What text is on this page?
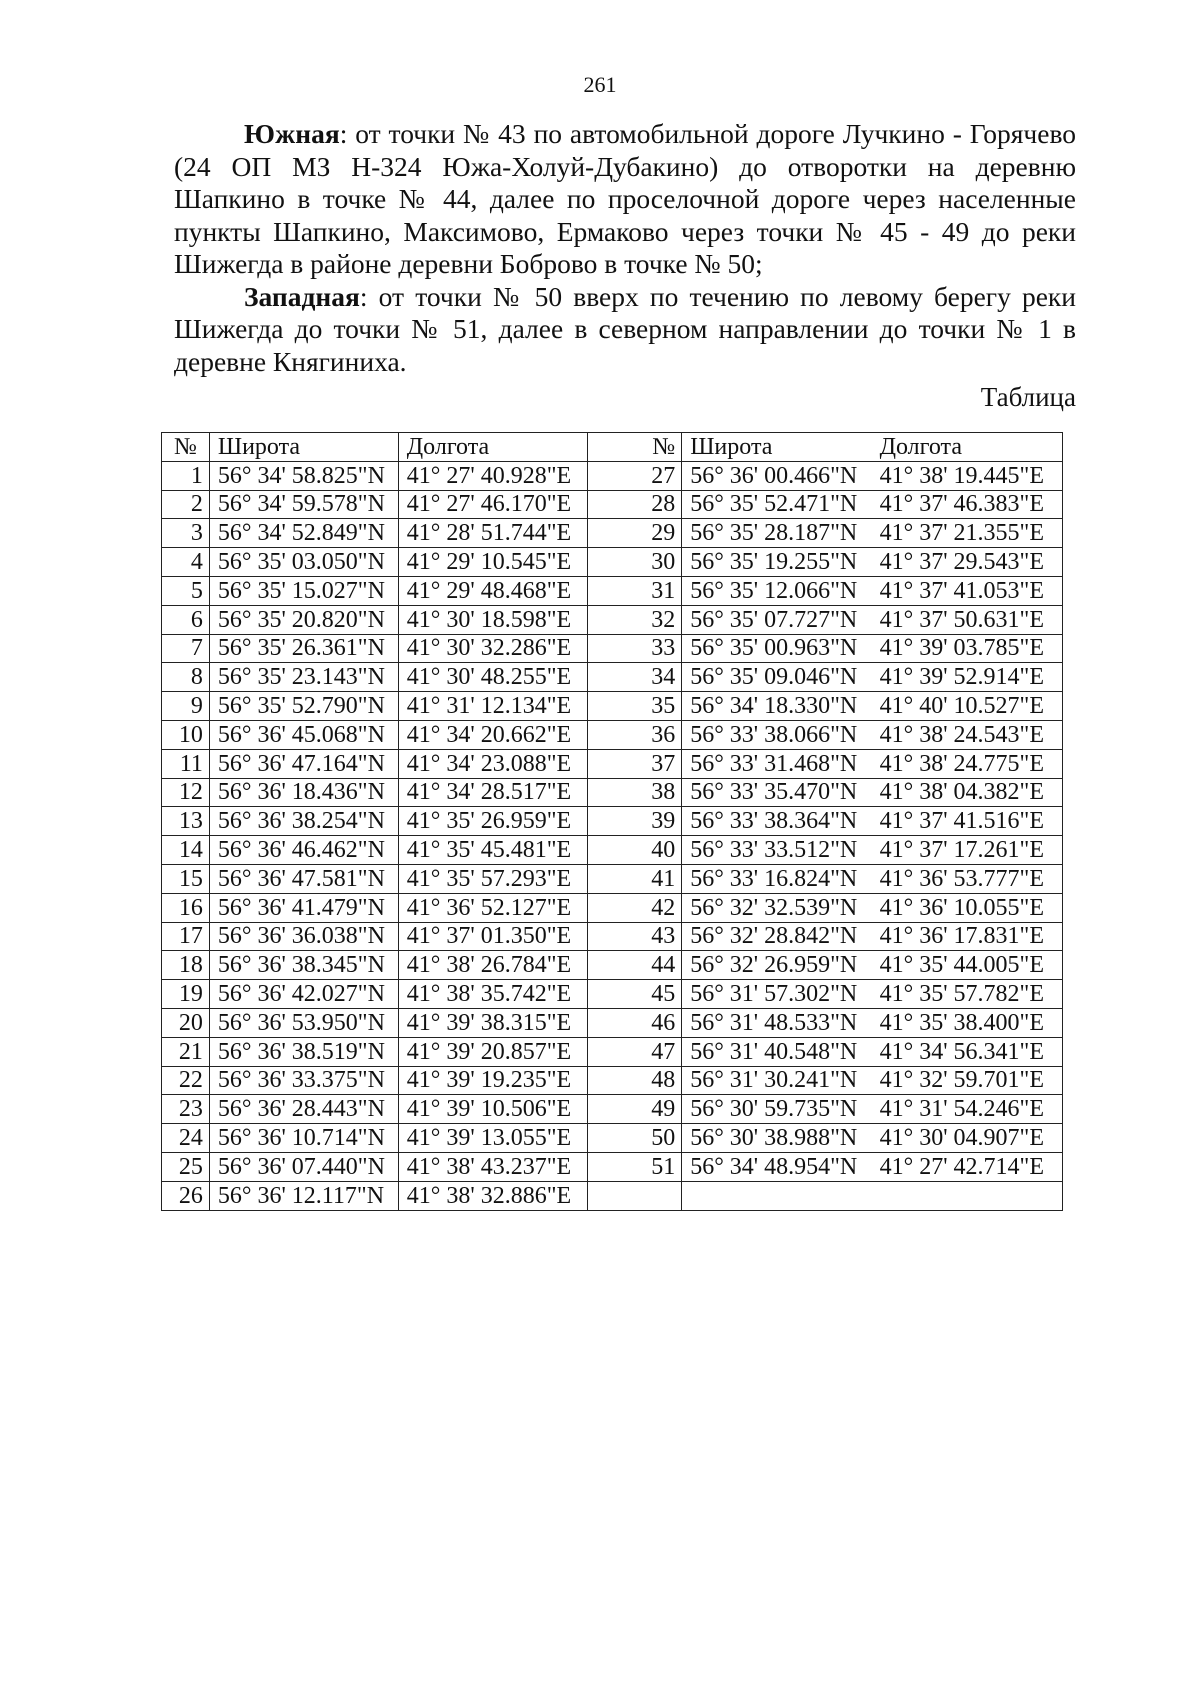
261

Южная: от точки № 43 по автомобильной дороге Лучкино - Горячево (24 ОП МЗ Н-324 Южа-Холуй-Дубакино) до отворотки на деревню Шапкино в точке № 44, далее по проселочной дороге через населенные пункты Шапкино, Максимово, Ермаково через точки № 45 - 49 до реки Шижегда в районе деревни Боброво в точке № 50;

Западная: от точки № 50 вверх по течению по левому берегу реки Шижегда до точки № 51, далее в северном направлении до точки № 1 в деревне Княгиниха.

Таблица
№	Широта	Долгота	№	Широта	Долгота
1	56° 34' 58.825"N	41° 27' 40.928"E	27	56° 36' 00.466"N	41° 38' 19.445"E
2	56° 34' 59.578"N	41° 27' 46.170"E	28	56° 35' 52.471"N	41° 37' 46.383"E
3	56° 34' 52.849"N	41° 28' 51.744"E	29	56° 35' 28.187"N	41° 37' 21.355"E
4	56° 35' 03.050"N	41° 29' 10.545"E	30	56° 35' 19.255"N	41° 37' 29.543"E
5	56° 35' 15.027"N	41° 29' 48.468"E	31	56° 35' 12.066"N	41° 37' 41.053"E
6	56° 35' 20.820"N	41° 30' 18.598"E	32	56° 35' 07.727"N	41° 37' 50.631"E
7	56° 35' 26.361"N	41° 30' 32.286"E	33	56° 35' 00.963"N	41° 39' 03.785"E
8	56° 35' 23.143"N	41° 30' 48.255"E	34	56° 35' 09.046"N	41° 39' 52.914"E
9	56° 35' 52.790"N	41° 31' 12.134"E	35	56° 34' 18.330"N	41° 40' 10.527"E
10	56° 36' 45.068"N	41° 34' 20.662"E	36	56° 33' 38.066"N	41° 38' 24.543"E
11	56° 36' 47.164"N	41° 34' 23.088"E	37	56° 33' 31.468"N	41° 38' 24.775"E
12	56° 36' 18.436"N	41° 34' 28.517"E	38	56° 33' 35.470"N	41° 38' 04.382"E
13	56° 36' 38.254"N	41° 35' 26.959"E	39	56° 33' 38.364"N	41° 37' 41.516"E
14	56° 36' 46.462"N	41° 35' 45.481"E	40	56° 33' 33.512"N	41° 37' 17.261"E
15	56° 36' 47.581"N	41° 35' 57.293"E	41	56° 33' 16.824"N	41° 36' 53.777"E
16	56° 36' 41.479"N	41° 36' 52.127"E	42	56° 32' 32.539"N	41° 36' 10.055"E
17	56° 36' 36.038"N	41° 37' 01.350"E	43	56° 32' 28.842"N	41° 36' 17.831"E
18	56° 36' 38.345"N	41° 38' 26.784"E	44	56° 32' 26.959"N	41° 35' 44.005"E
19	56° 36' 42.027"N	41° 38' 35.742"E	45	56° 31' 57.302"N	41° 35' 57.782"E
20	56° 36' 53.950"N	41° 39' 38.315"E	46	56° 31' 48.533"N	41° 35' 38.400"E
21	56° 36' 38.519"N	41° 39' 20.857"E	47	56° 31' 40.548"N	41° 34' 56.341"E
22	56° 36' 33.375"N	41° 39' 19.235"E	48	56° 31' 30.241"N	41° 32' 59.701"E
23	56° 36' 28.443"N	41° 39' 10.506"E	49	56° 30' 59.735"N	41° 31' 54.246"E
24	56° 36' 10.714"N	41° 39' 13.055"E	50	56° 30' 38.988"N	41° 30' 04.907"E
25	56° 36' 07.440"N	41° 38' 43.237"E	51	56° 34' 48.954"N	41° 27' 42.714"E
26	56° 36' 12.117"N	41° 38' 32.886"E			
